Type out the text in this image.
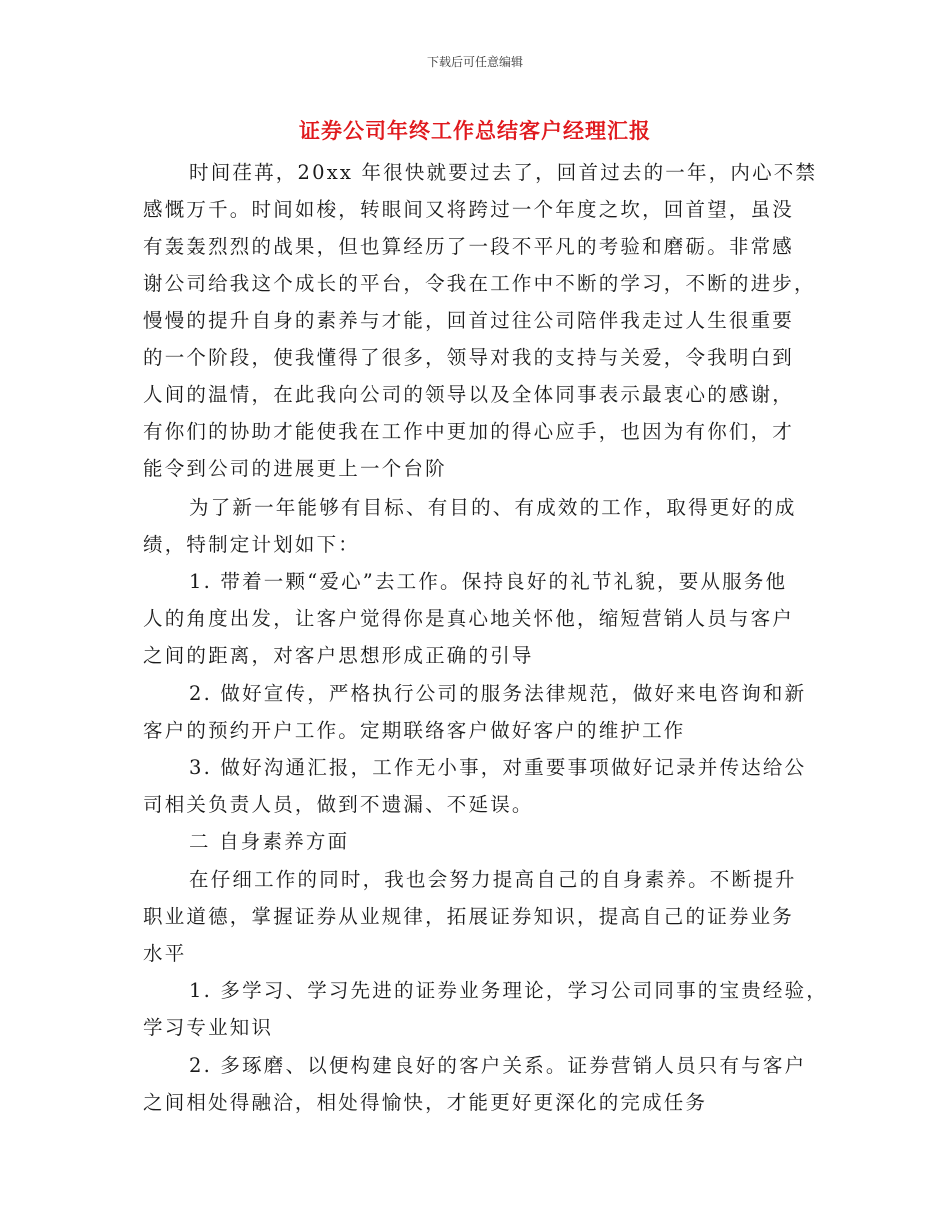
下载后可任意编辑
证券公司年终工作总结客户经理汇报
时间荏苒，20xx 年很快就要过去了，回首过去的一年，内心不禁
感慨万千。时间如梭，转眼间又将跨过一个年度之坎，回首望，虽没
有轰轰烈烈的战果，但也算经历了一段不平凡的考验和磨砺。非常感
谢公司给我这个成长的平台，令我在工作中不断的学习，不断的进步，
慢慢的提升自身的素养与才能，回首过往公司陪伴我走过人生很重要
的一个阶段，使我懂得了很多，领导对我的支持与关爱，令我明白到
人间的温情，在此我向公司的领导以及全体同事表示最衷心的感谢，
有你们的协助才能使我在工作中更加的得心应手，也因为有你们，才
能令到公司的进展更上一个台阶
为了新一年能够有目标、有目的、有成效的工作，取得更好的成
绩，特制定计划如下：
1. 带着一颗“爱心”去工作。保持良好的礼节礼貌，要从服务他
人的角度出发，让客户觉得你是真心地关怀他，缩短营销人员与客户
之间的距离，对客户思想形成正确的引导
2. 做好宣传，严格执行公司的服务法律规范，做好来电咨询和新
客户的预约开户工作。定期联络客户做好客户的维护工作
3. 做好沟通汇报，工作无小事，对重要事项做好记录并传达给公
司相关负责人员，做到不遗漏、不延误。
二 自身素养方面
在仔细工作的同时，我也会努力提高自己的自身素养。不断提升
职业道德，掌握证券从业规律，拓展证券知识，提高自己的证券业务
水平
1. 多学习、学习先进的证券业务理论，学习公司同事的宝贵经验，
学习专业知识
2. 多琢磨、以便构建良好的客户关系。证券营销人员只有与客户
之间相处得融洽，相处得愉快，才能更好更深化的完成任务
